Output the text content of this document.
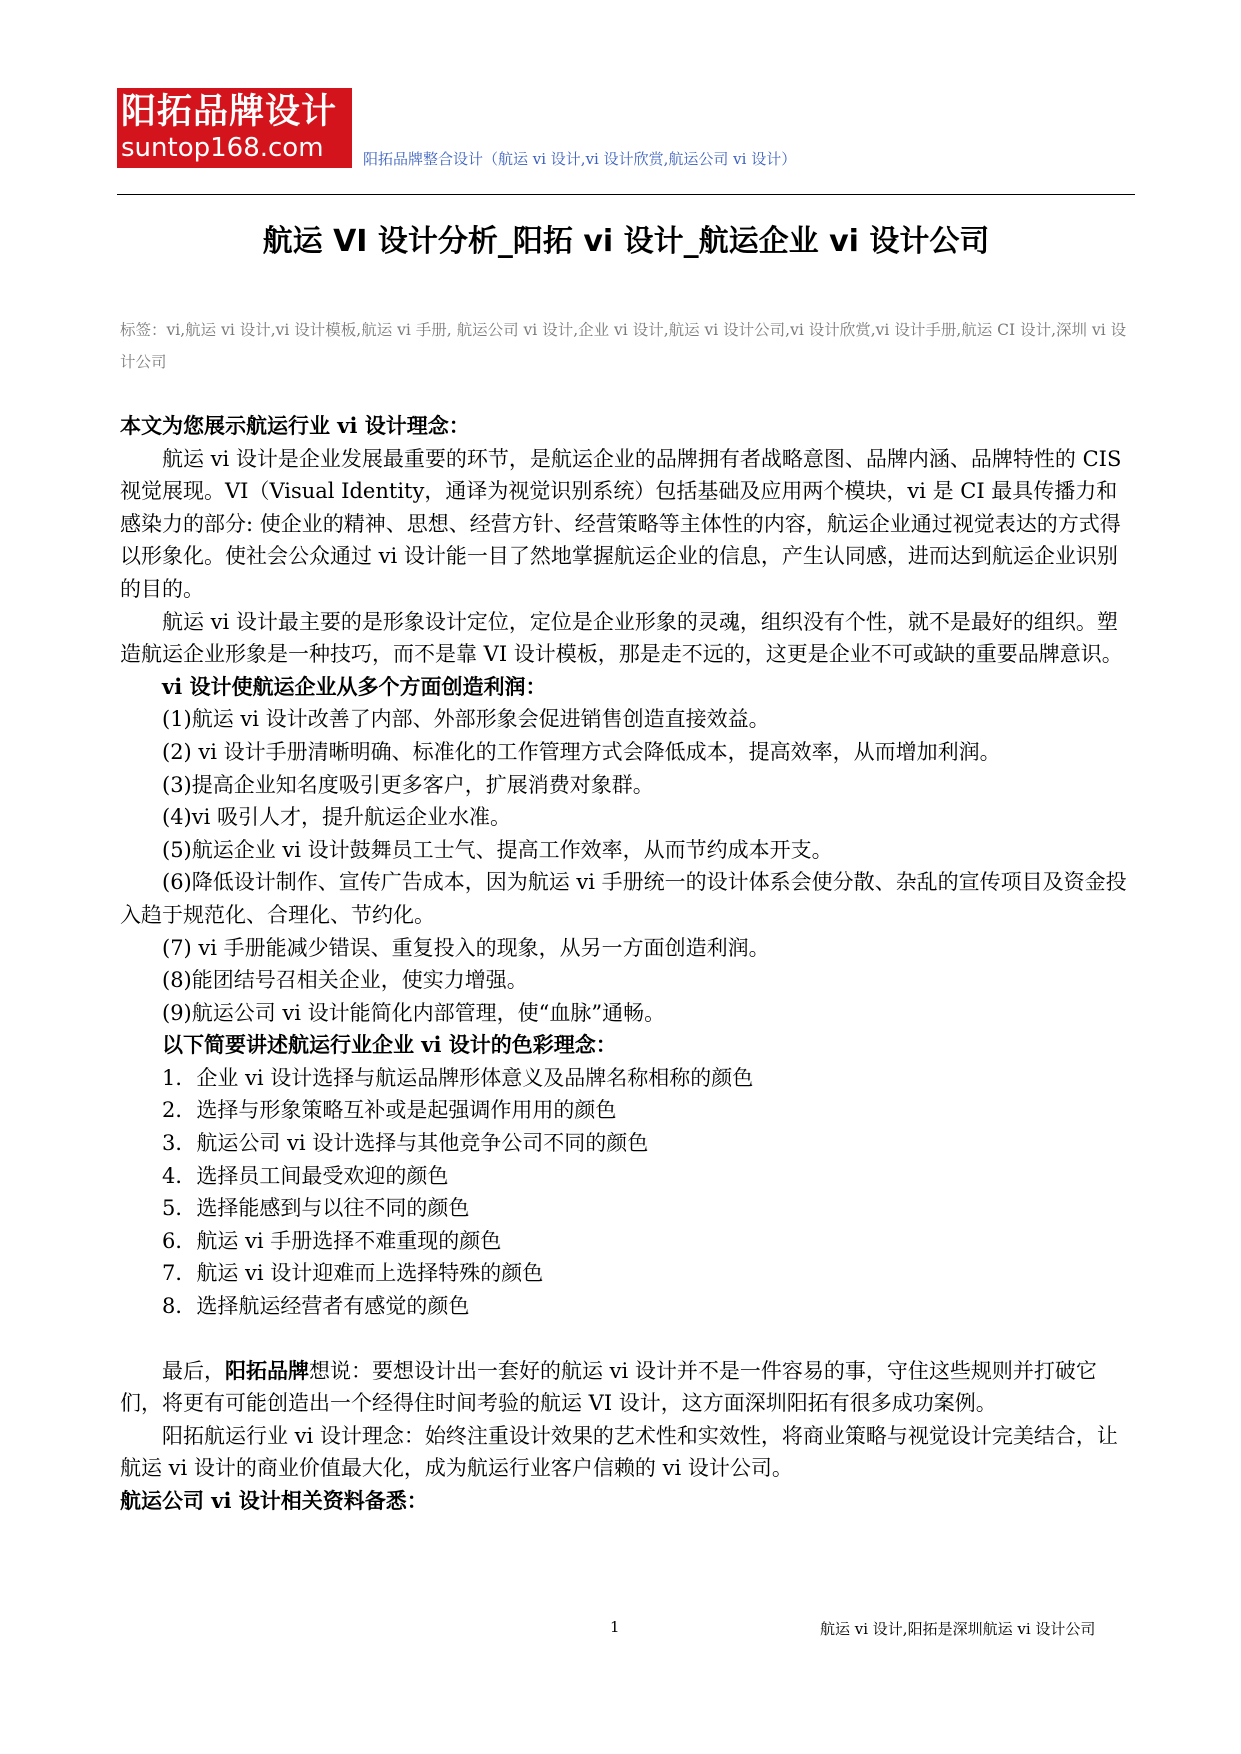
阳拓品牌设计
suntop168.com	阳拓品牌整合设计（航运 vi 设计,vi 设计欣赏,航运公司 vi 设计）
航运 VI 设计分析_阳拓 vi 设计_航运企业 vi 设计公司
标签：vi,航运 vi 设计,vi 设计模板,航运 vi 手册, 航运公司 vi 设计,企业 vi 设计,航运 vi 设计公司,vi 设计欣赏,vi 设计手册,航运 CI 设计,深圳 vi 设计公司

本文为您展示航运行业 vi 设计理念：

航运 vi 设计是企业发展最重要的环节，是航运企业的品牌拥有者战略意图、品牌内涵、品牌特性的 CIS 视觉展现。VI（Visual Identity，通译为视觉识别系统）包括基础及应用两个模块，vi 是 CI 最具传播力和感染力的部分: 使企业的精神、思想、经营方针、经营策略等主体性的内容，航运企业通过视觉表达的方式得以形象化。使社会公众通过 vi 设计能一目了然地掌握航运企业的信息，产生认同感，进而达到航运企业识别的目的。

航运 vi 设计最主要的是形象设计定位，定位是企业形象的灵魂，组织没有个性，就不是最好的组织。塑造航运企业形象是一种技巧，而不是靠 VI 设计模板，那是走不远的，这更是企业不可或缺的重要品牌意识。

vi 设计使航运企业从多个方面创造利润：

(1)航运 vi 设计改善了内部、外部形象会促进销售创造直接效益。

(2) vi 设计手册清晰明确、标准化的工作管理方式会降低成本，提高效率，从而增加利润。

(3)提高企业知名度吸引更多客户，扩展消费对象群。

(4)vi 吸引人才，提升航运企业水准。

(5)航运企业 vi 设计鼓舞员工士气、提高工作效率，从而节约成本开支。

(6)降低设计制作、宣传广告成本，因为航运 vi 手册统一的设计体系会使分散、杂乱的宣传项目及资金投入趋于规范化、合理化、节约化。

(7) vi 手册能减少错误、重复投入的现象，从另一方面创造利润。

(8)能团结号召相关企业，使实力增强。

(9)航运公司 vi 设计能简化内部管理，使“血脉”通畅。

以下简要讲述航运行业企业 vi 设计的色彩理念：

1．企业 vi 设计选择与航运品牌形体意义及品牌名称相称的颜色

2．选择与形象策略互补或是起强调作用用的颜色

3．航运公司 vi 设计选择与其他竞争公司不同的颜色

4．选择员工间最受欢迎的颜色

5．选择能感到与以往不同的颜色

6．航运 vi 手册选择不难重现的颜色

7．航运 vi 设计迎难而上选择特殊的颜色

8．选择航运经营者有感觉的颜色

最后，阳拓品牌想说：要想设计出一套好的航运 vi 设计并不是一件容易的事，守住这些规则并打破它们，将更有可能创造出一个经得住时间考验的航运 VI 设计，这方面深圳阳拓有很多成功案例。

阳拓航运行业 vi 设计理念：始终注重设计效果的艺术性和实效性，将商业策略与视觉设计完美结合，让航运 vi 设计的商业价值最大化，成为航运行业客户信赖的 vi 设计公司。

航运公司 vi 设计相关资料备悉：

1	航运 vi 设计,阳拓是深圳航运 vi 设计公司
